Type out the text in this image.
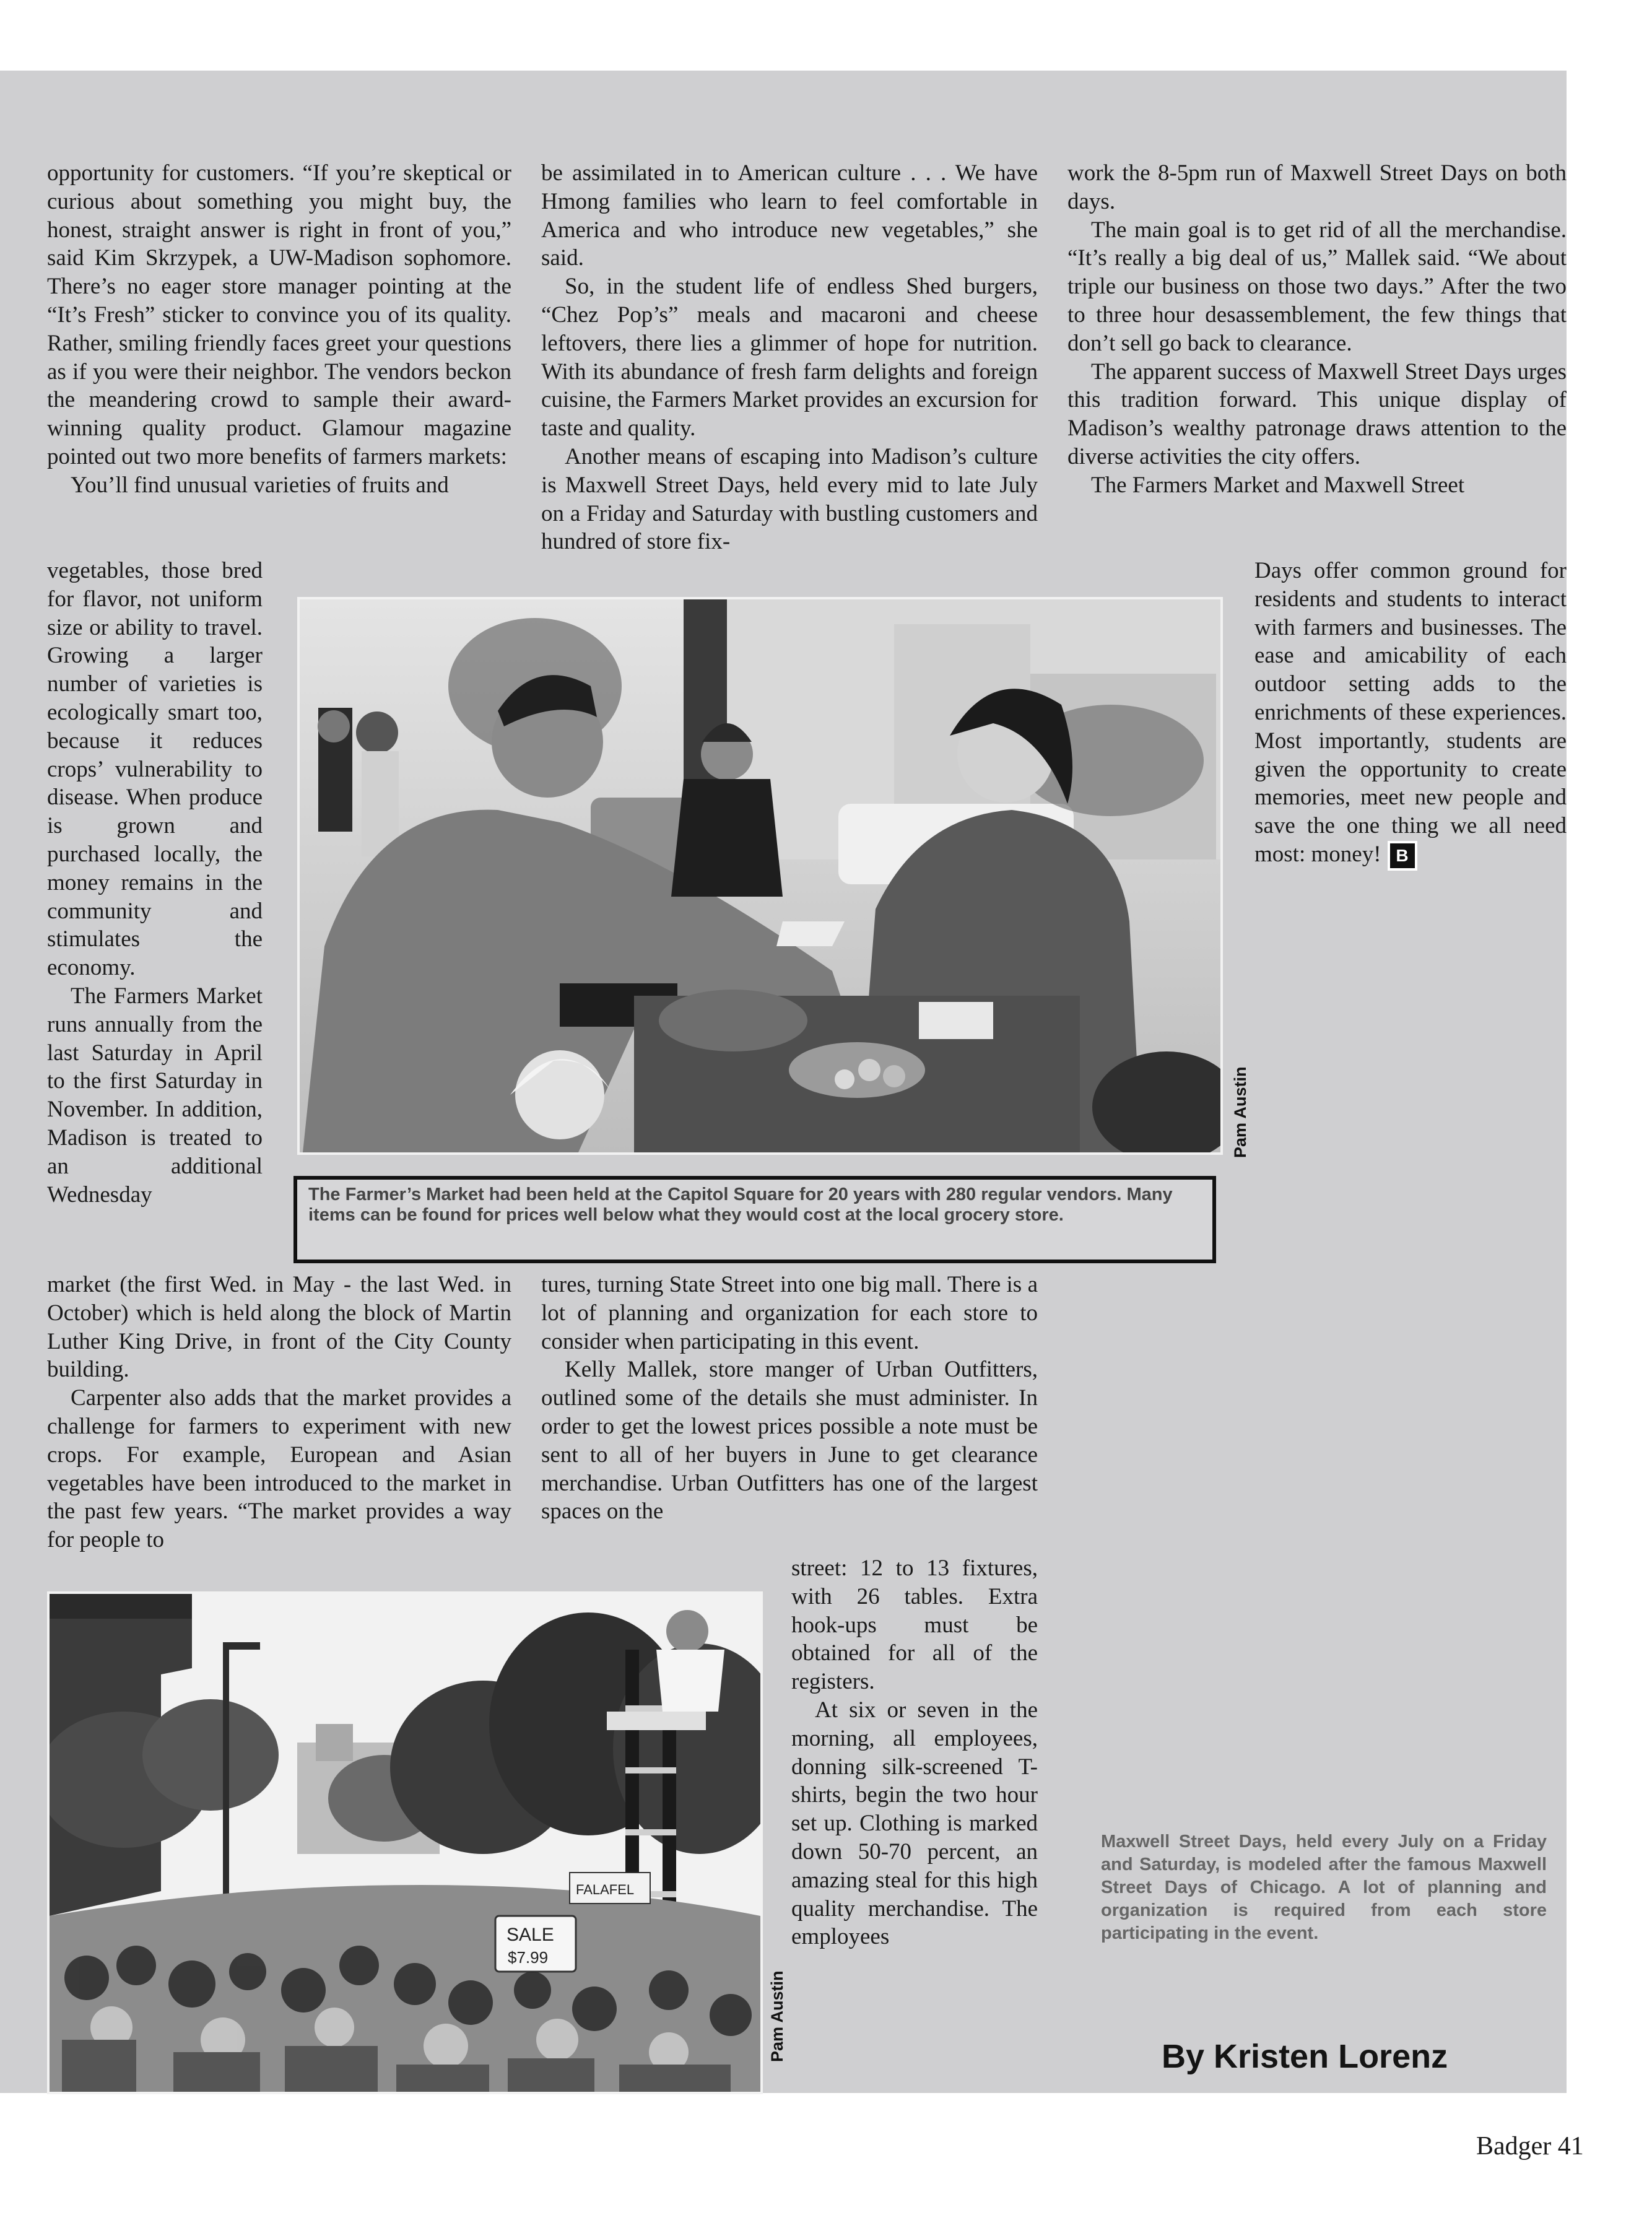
opportunity for customers. “If you’re skeptical or curious about something you might buy, the honest, straight answer is right in front of you,” said Kim Skrzypek, a UW-Madison sophomore. There’s no eager store manager pointing at the “It’s Fresh” sticker to convince you of its quality. Rather, smiling friendly faces greet your questions as if you were their neighbor. The vendors beckon the meandering crowd to sample their award-winning quality product. Glamour magazine pointed out two more benefits of farmers markets:

You’ll find unusual varieties of fruits and

vegetables, those bred for flavor, not uniform size or ability to travel. Growing a larger number of varieties is ecologically smart too, because it reduces crops’ vulnerability to disease. When produce is grown and purchased locally, the money remains in the community and stimulates the economy.

The Farmers Market runs annually from the last Saturday in April to the first Saturday in November. In addition, Madison is treated to an additional Wednesday

market (the first Wed. in May - the last Wed. in October) which is held along the block of Martin Luther King Drive, in front of the City County building.

Carpenter also adds that the market provides a challenge for farmers to experiment with new crops. For example, European and Asian vegetables have been introduced to the market in the past few years. “The market provides a way for people to

be assimilated in to American culture . . . We have Hmong families who learn to feel comfortable in America and who introduce new vegetables,” she said.

So, in the student life of endless Shed burgers, “Chez Pop’s” meals and macaroni and cheese leftovers, there lies a glimmer of hope for nutrition. With its abundance of fresh farm delights and foreign cuisine, the Farmers Market provides an excursion for taste and quality.

Another means of escaping into Madison’s culture is Maxwell Street Days, held every mid to late July on a Friday and Saturday with bustling customers and hundred of store fix-

tures, turning State Street into one big mall. There is a lot of planning and organization for each store to consider when participating in this event.

Kelly Mallek, store manger of Urban Outfitters, outlined some of the details she must administer. In order to get the lowest prices possible a note must be sent to all of her buyers in June to get clearance merchandise. Urban Outfitters has one of the largest spaces on the

street: 12 to 13 fixtures, with 26 tables. Extra hook-ups must be obtained for all of the registers.

At six or seven in the morning, all employees, donning silk-screened T-shirts, begin the two hour set up. Clothing is marked down 50-70 percent, an amazing steal for this high quality merchandise. The employees

work the 8-5pm run of Maxwell Street Days on both days.

The main goal is to get rid of all the merchandise. “It’s really a big deal of us,” Mallek said. “We about triple our business on those two days.” After the two to three hour desassemblement, the few things that don’t sell go back to clearance.

The apparent success of Maxwell Street Days urges this tradition forward. This unique display of Madison’s wealthy patronage draws attention to the diverse activities the city offers.

The Farmers Market and Maxwell Street

Days offer common ground for residents and students to interact with farmers and businesses. The ease and amicability of each outdoor setting adds to the enrichments of these experiences. Most importantly, students are given the opportunity to create memories, meet new people and save the one thing we all need most: money! B

Pam Austin
The Farmer’s Market had been held at the Capitol Square for 20 years with 280 regular vendors. Many items can be found for prices well below what they would cost at the local grocery store.
SALE
$7.99
FALAFEL
Pam Austin
Maxwell Street Days, held every July on a Friday and Saturday, is modeled after the famous Maxwell Street Days of Chicago. A lot of planning and organization is required from each store participating in the event.
By Kristen Lorenz
Badger 41
